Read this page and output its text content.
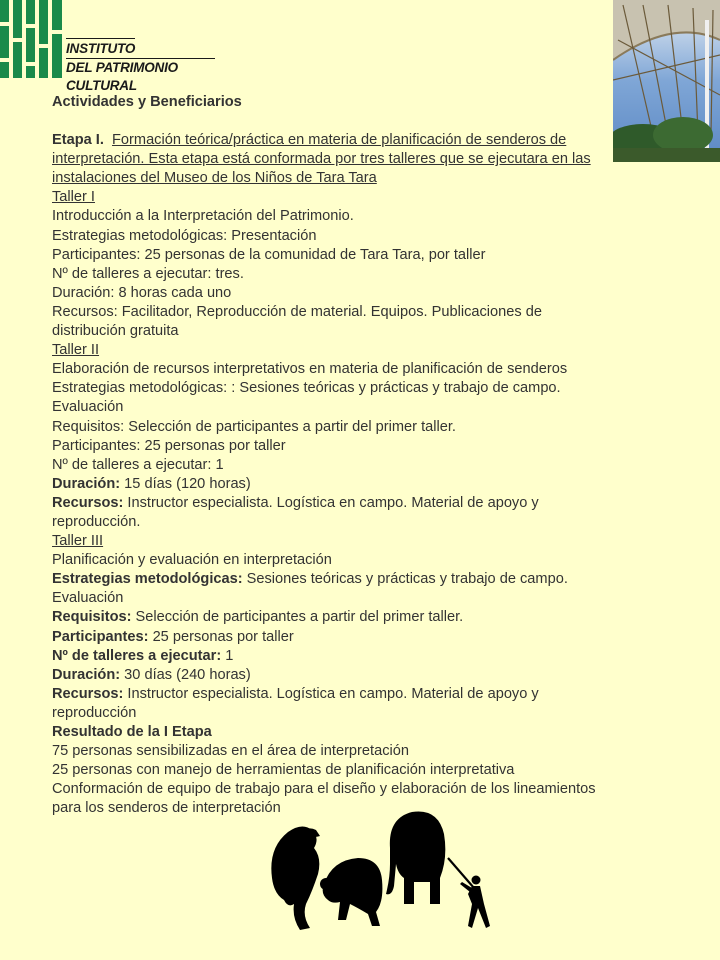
INSTITUTO
DEL PATRIMONIO CULTURAL

Actividades y Beneficiarios

Etapa I. Formación teórica/práctica en materia de planificación de senderos de interpretación. Esta etapa está conformada por tres talleres que se ejecutara en las instalaciones del Museo de los Niños de Tara Tara

Taller I

Introducción a la Interpretación del Patrimonio.

Estrategias metodológicas: Presentación

Participantes: 25 personas de la comunidad de Tara Tara, por taller

Nº de talleres a ejecutar: tres.

Duración: 8 horas cada uno

Recursos: Facilitador, Reproducción de material. Equipos. Publicaciones de distribución gratuita

Taller II

Elaboración de recursos interpretativos en materia de planificación de senderos

Estrategias metodológicas: : Sesiones teóricas y prácticas y trabajo de campo. Evaluación

Requisitos: Selección de participantes a partir del primer taller.

Participantes: 25 personas por taller

Nº de talleres a ejecutar: 1

Duración: 15 días (120 horas)

Recursos: Instructor especialista. Logística en campo. Material de apoyo y reproducción.

Taller III

Planificación y evaluación en interpretación

Estrategias metodológicas: Sesiones teóricas y prácticas y trabajo de campo. Evaluación

Requisitos: Selección de participantes a partir del primer taller.

Participantes: 25 personas por taller

Nº de talleres a ejecutar: 1

Duración: 30 días (240 horas)

Recursos: Instructor especialista. Logística en campo. Material de apoyo y reproducción

Resultado de la I Etapa

75 personas sensibilizadas en el área de interpretación

25 personas con manejo de herramientas de planificación interpretativa

Conformación de equipo de trabajo para el diseño y elaboración de los lineamientos para los senderos de interpretación
